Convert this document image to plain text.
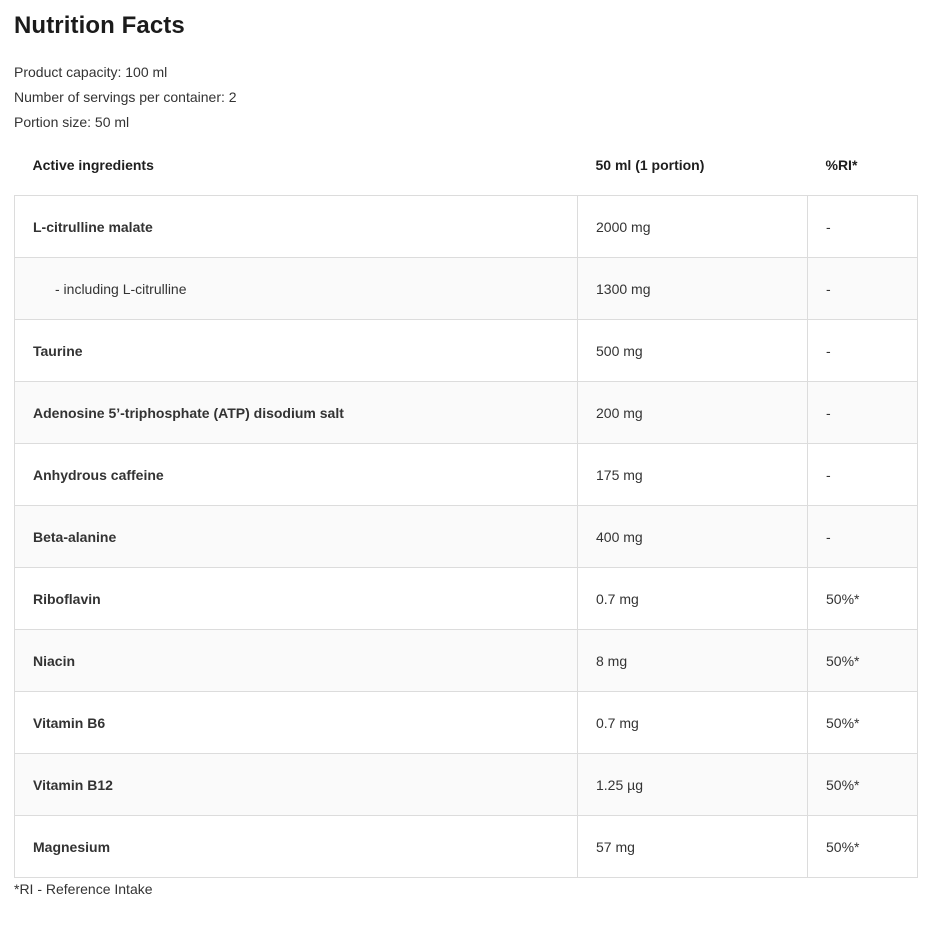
Nutrition Facts
Product capacity: 100 ml
Number of servings per container: 2
Portion size: 50 ml
Active ingredients	50 ml (1 portion)	%RI*
L-citrulline malate	2000 mg	-
- including L-citrulline	1300 mg	-
Taurine	500 mg	-
Adenosine 5’-triphosphate (ATP) disodium salt	200 mg	-
Anhydrous caffeine	175 mg	-
Beta-alanine	400 mg	-
Riboflavin	0.7 mg	50%*
Niacin	8 mg	50%*
Vitamin B6	0.7 mg	50%*
Vitamin B12	1.25 µg	50%*
Magnesium	57 mg	50%*
*RI - Reference Intake
